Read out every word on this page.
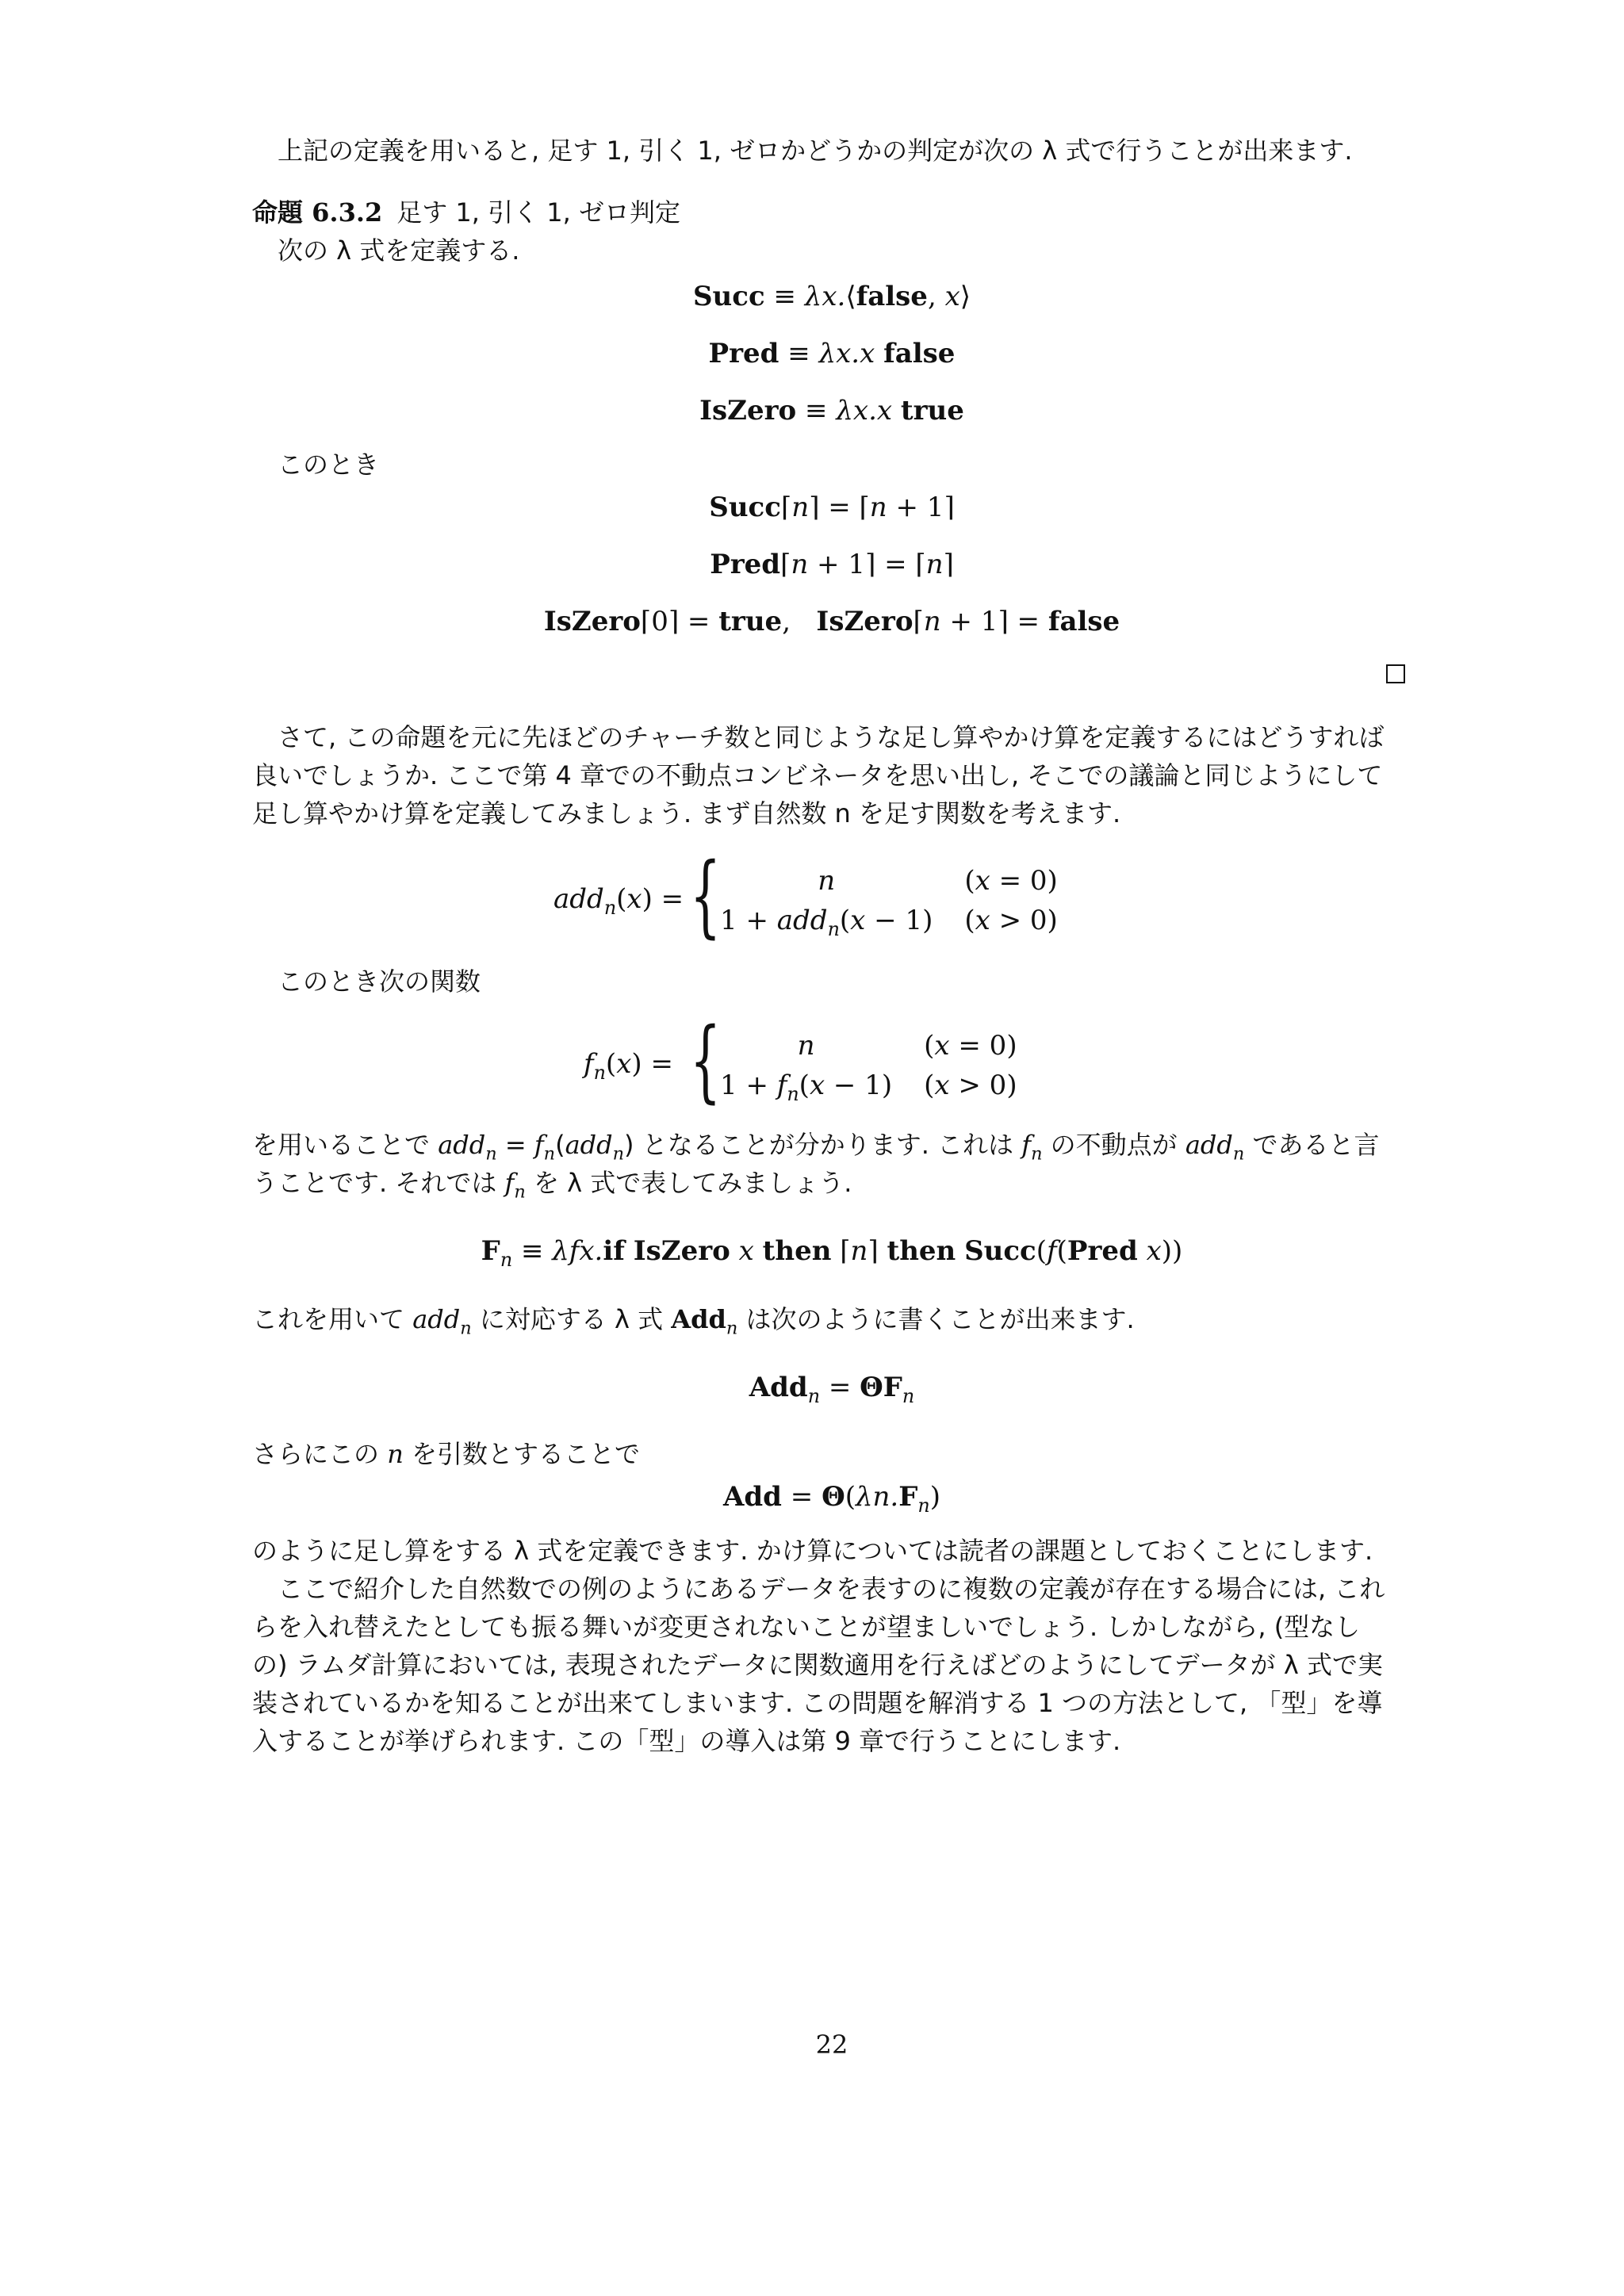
上記の定義を用いると, 足す 1, 引く 1, ゼロかどうかの判定が次の λ 式で行うことが出来ます.
命題 6.3.2 足す 1, 引く 1, ゼロ判定
次の λ 式を定義する.
Succ ≡ λx.⟨false, x⟩
Pred ≡ λx.x false
IsZero ≡ λx.x true
このとき
Succ⌈n⌉ = ⌈n + 1⌉
Pred⌈n + 1⌉ = ⌈n⌉
IsZero⌈0⌉ = true,   IsZero⌈n + 1⌉ = false
さて, この命題を元に先ほどのチャーチ数と同じような足し算やかけ算を定義するにはどうすれば
良いでしょうか. ここで第 4 章での不動点コンビネータを思い出し, そこでの議論と同じようにして
足し算やかけ算を定義してみましょう. まず自然数 n を足す関数を考えます.
add$_n$(x) = {	n	(x = 0)
1 + add$_n$(x − 1)	(x > 0)
このとき次の関数
$f_n(x)$ = {	n	(x = 0)
$1 + f_n(x - 1)$	(x > 0)
を用いることで $add_n = f_n(add_n)$ となることが分かります. これは $f_n$ の不動点が add$_n$ であると言
うことです. それでは $f_n$ を λ 式で表してみましょう.
$F_n \equiv \lambda fx.if$ IsZero x then ⌈n⌉ then Succ(f(Pred x))
これを用いて add$_n$ に対応する λ 式 Add$_n$ は次のように書くことが出来ます.
$Add_n = \Theta F_n$
さらにこの n を引数とすることで
Add = $\Theta(\lambda n.F_n)$
のように足し算をする λ 式を定義できます. かけ算については読者の課題としておくことにします.
ここで紹介した自然数での例のようにあるデータを表すのに複数の定義が存在する場合には, これ
らを入れ替えたとしても振る舞いが変更されないことが望ましいでしょう. しかしながら, (型なし
の) ラムダ計算においては, 表現されたデータに関数適用を行えばどのようにしてデータが λ 式で実
装されているかを知ることが出来てしまいます. この問題を解消する 1 つの方法として, 「型」を導
入することが挙げられます. この「型」の導入は第 9 章で行うことにします.
22
